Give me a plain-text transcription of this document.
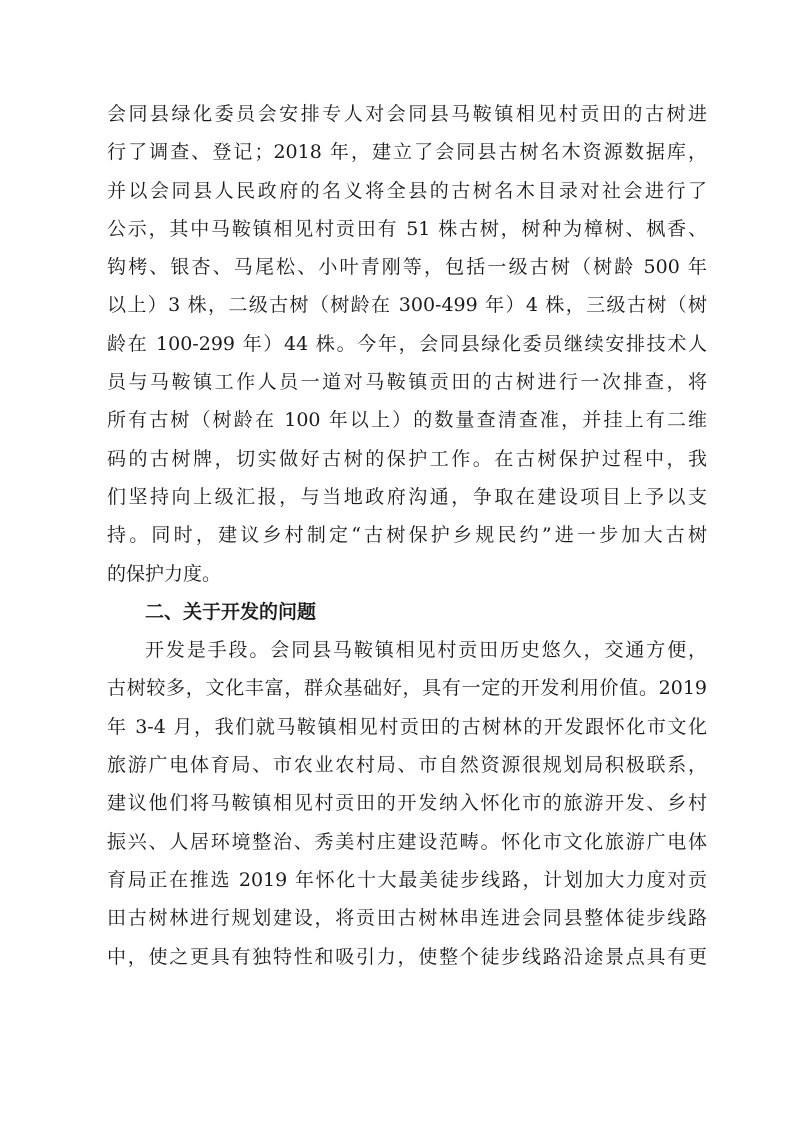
会同县绿化委员会安排专人对会同县马鞍镇相见村贡田的古树进
行了调查、登记；2018 年，建立了会同县古树名木资源数据库，
并以会同县人民政府的名义将全县的古树名木目录对社会进行了
公示，其中马鞍镇相见村贡田有 51 株古树，树种为樟树、枫香、
钩栲、银杏、马尾松、小叶青刚等，包括一级古树（树龄 500 年
以上）3 株，二级古树（树龄在 300-499 年）4 株，三级古树（树
龄在 100-299 年）44 株。今年，会同县绿化委员继续安排技术人
员与马鞍镇工作人员一道对马鞍镇贡田的古树进行一次排查，将
所有古树（树龄在 100 年以上）的数量查清查准，并挂上有二维
码的古树牌，切实做好古树的保护工作。在古树保护过程中，我
们坚持向上级汇报，与当地政府沟通，争取在建设项目上予以支
持。同时，建议乡村制定“古树保护乡规民约”进一步加大古树
的保护力度。
二、关于开发的问题
开发是手段。会同县马鞍镇相见村贡田历史悠久，交通方便，
古树较多，文化丰富，群众基础好，具有一定的开发利用价值。2019
年 3-4 月，我们就马鞍镇相见村贡田的古树林的开发跟怀化市文化
旅游广电体育局、市农业农村局、市自然资源很规划局积极联系，
建议他们将马鞍镇相见村贡田的开发纳入怀化市的旅游开发、乡村
振兴、人居环境整治、秀美村庄建设范畴。怀化市文化旅游广电体
育局正在推选 2019 年怀化十大最美徒步线路，计划加大力度对贡
田古树林进行规划建设，将贡田古树林串连进会同县整体徒步线路
中，使之更具有独特性和吸引力，使整个徒步线路沿途景点具有更
